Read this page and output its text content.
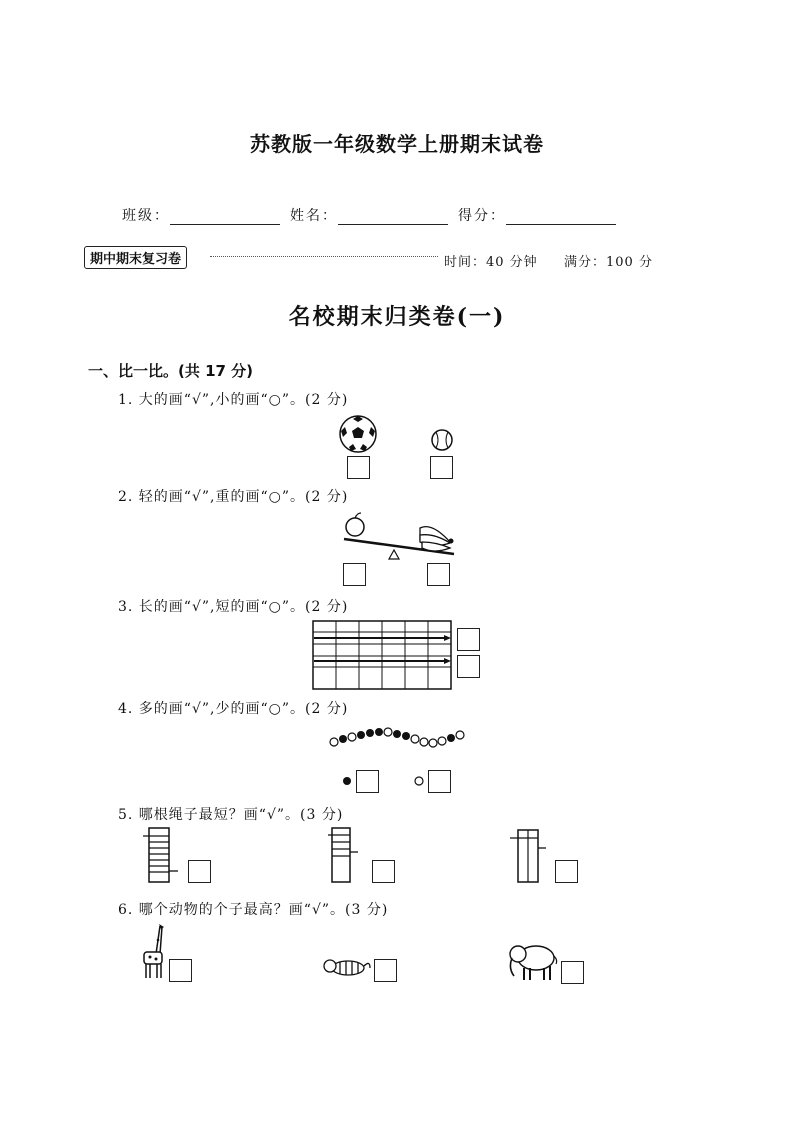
苏教版一年级数学上册期末试卷
班级：	姓名：	得分：
期中期末复习卷	时间：40 分钟 满分：100 分
名校期末归类卷(一)
一、比一比。(共 17 分)
1. 大的画“√”,小的画“○”。(2 分)
2. 轻的画“√”,重的画“○”。(2 分)
3. 长的画“√”,短的画“○”。(2 分)
4. 多的画“√”,少的画“○”。(2 分)
5. 哪根绳子最短？画“√”。(3 分)
6. 哪个动物的个子最高？画“√”。(3 分)
